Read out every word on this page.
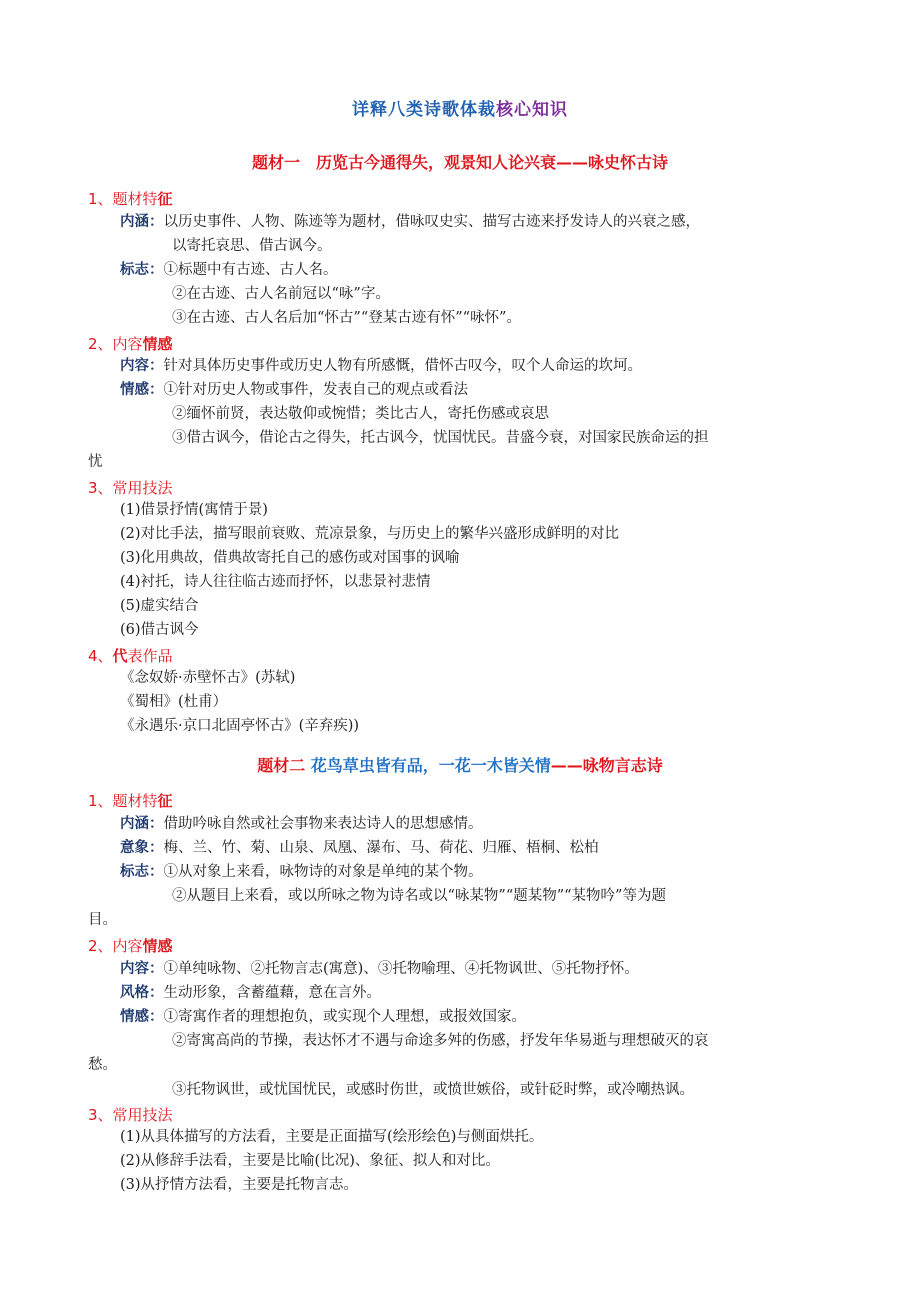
详释八类诗歌体裁核心知识
题材一　历览古今通得失，观景知人论兴衰——咏史怀古诗
1、题材特征
内涵：以历史事件、人物、陈迹等为题材，借咏叹史实、描写古迹来抒发诗人的兴衰之感，
以寄托哀思、借古讽今。
标志：①标题中有古迹、古人名。
②在古迹、古人名前冠以“咏”字。
③在古迹、古人名后加“怀古”“登某古迹有怀”“咏怀”。
2、内容情感
内容：针对具体历史事件或历史人物有所感慨，借怀古叹今，叹个人命运的坎坷。
情感：①针对历史人物或事件，发表自己的观点或看法
②缅怀前贤，表达敬仰或惋惜；类比古人，寄托伤感或哀思
③借古讽今，借论古之得失，托古讽今，忧国忧民。昔盛今衰，对国家民族命运的担
忧
3、常用技法
(1)借景抒情(寓情于景)
(2)对比手法，描写眼前衰败、荒凉景象，与历史上的繁华兴盛形成鲜明的对比
(3)化用典故，借典故寄托自己的感伤或对国事的讽喻
(4)衬托，诗人往往临古迹而抒怀，以悲景衬悲情
(5)虚实结合
(6)借古讽今
4、代表作品
《念奴娇·赤壁怀古》(苏轼)
《蜀相》(杜甫）
《永遇乐·京口北固亭怀古》(辛弃疾))
题材二 花鸟草虫皆有品，一花一木皆关情——咏物言志诗
1、题材特征
内涵：借助吟咏自然或社会事物来表达诗人的思想感情。
意象：梅、兰、竹、菊、山泉、凤凰、瀑布、马、荷花、归雁、梧桐、松柏
标志：①从对象上来看，咏物诗的对象是单纯的某个物。
②从题目上来看，或以所咏之物为诗名或以“咏某物”“题某物”“某物吟”等为题
目。
2、内容情感
内容：①单纯咏物、②托物言志(寓意)、③托物喻理、④托物讽世、⑤托物抒怀。
风格：生动形象，含蓄蕴藉，意在言外。
情感：①寄寓作者的理想抱负，或实现个人理想，或报效国家。
②寄寓高尚的节操，表达怀才不遇与命途多舛的伤感，抒发年华易逝与理想破灭的哀
愁。
③托物讽世，或忧国忧民，或感时伤世，或愤世嫉俗，或针砭时弊，或冷嘲热讽。
3、常用技法
(1)从具体描写的方法看，主要是正面描写(绘形绘色)与侧面烘托。
(2)从修辞手法看，主要是比喻(比况)、象征、拟人和对比。
(3)从抒情方法看，主要是托物言志。
